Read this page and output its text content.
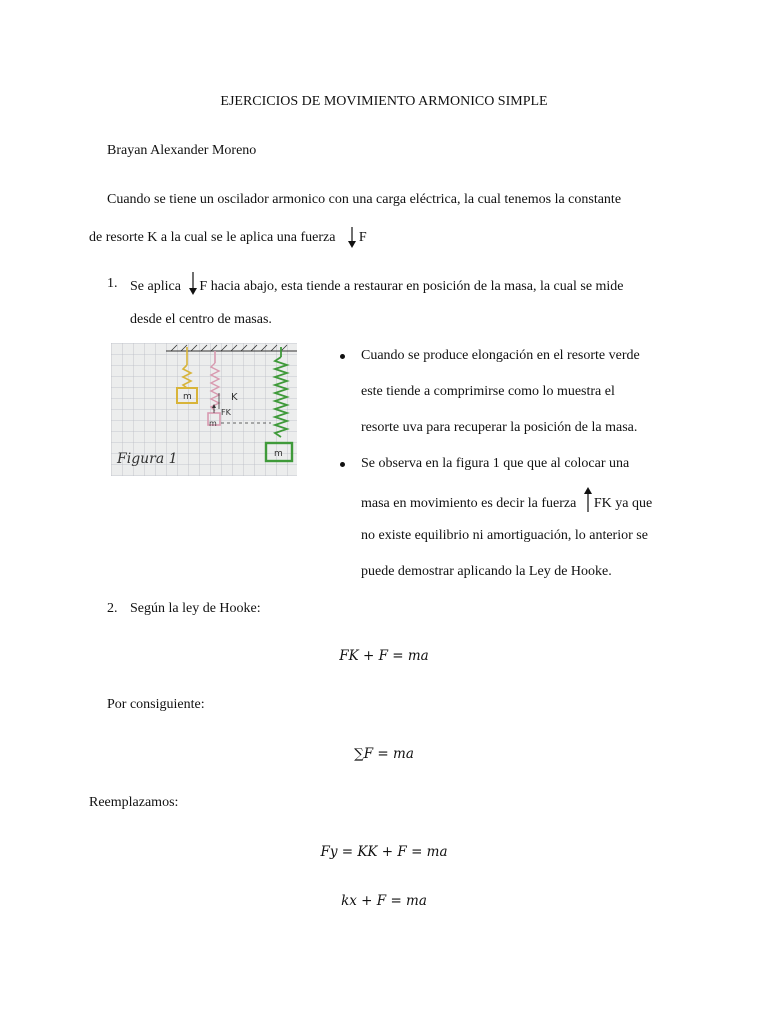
EJERCICIOS DE MOVIMIENTO ARMONICO SIMPLE
Brayan Alexander Moreno
Cuando se tiene un oscilador armonico con una carga eléctrica, la cual tenemos la constante
de resorte K a la cual se le aplica una fuerza F
1. Se aplica F hacia abajo, esta tiende a restaurar en posición de la masa, la cual se mide
desde el centro de masas.
m	K
FK
m
m
Figura 1
Cuando se produce elongación en el resorte verde
este tiende a comprimirse como lo muestra el
resorte uva para recuperar la posición de la masa.
Se observa en la figura 1 que que al colocar una
masa en movimiento es decir la fuerza FK ya que
no existe equilibrio ni amortiguación, lo anterior se
puede demostrar aplicando la Ley de Hooke.
2. Según la ley de Hooke:
FK + F = ma
Por consiguiente:
∑F = ma
Reemplazamos:
Fy = KK + F = ma
kx + F = ma
